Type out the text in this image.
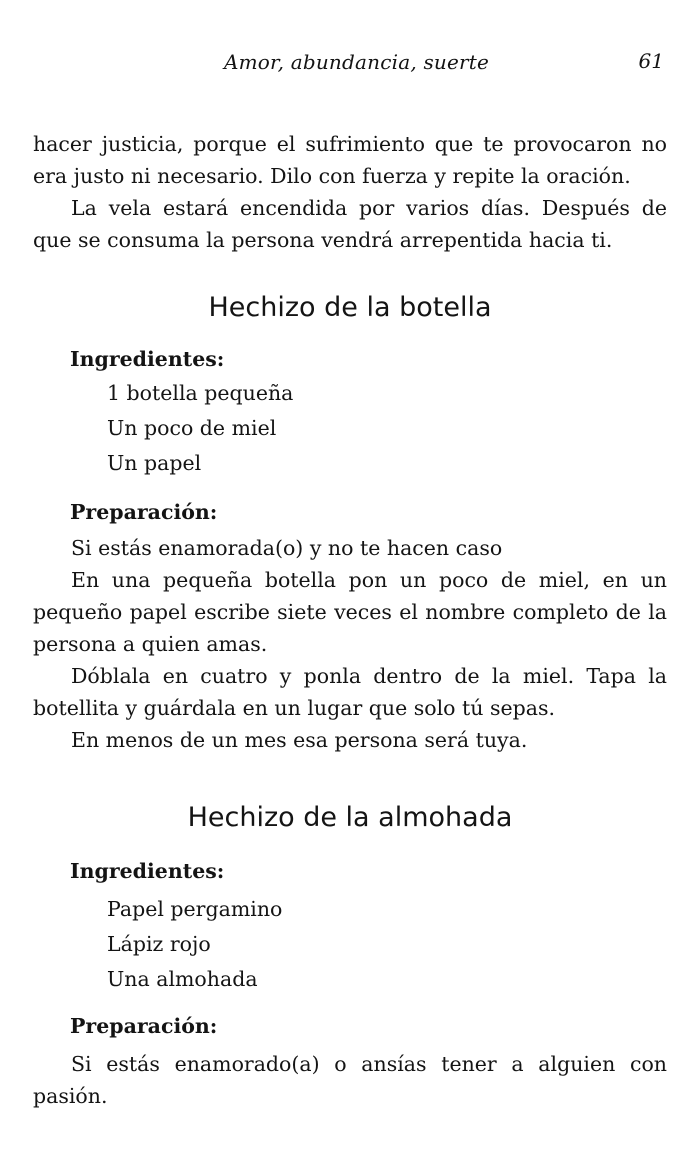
Amor, abundancia, suerte	61

hacer justicia, porque el sufrimiento que te provocaron no era justo ni necesario. Dilo con fuerza y repite la oración.

La vela estará encendida por varios días. Después de que se consuma la persona vendrá arrepentida hacia ti.

Hechizo de la botella
Ingredientes:
1 botella pequeña
Un poco de miel
Un papel
Preparación:

Si estás enamorada(o) y no te hacen caso

En una pequeña botella pon un poco de miel, en un pequeño papel escribe siete veces el nombre completo de la persona a quien amas.

Dóblala en cuatro y ponla dentro de la miel. Tapa la botellita y guárdala en un lugar que solo tú sepas.

En menos de un mes esa persona será tuya.

Hechizo de la almohada
Ingredientes:
Papel pergamino
Lápiz rojo
Una almohada
Preparación:

Si estás enamorado(a) o ansías tener a alguien con pasión.
